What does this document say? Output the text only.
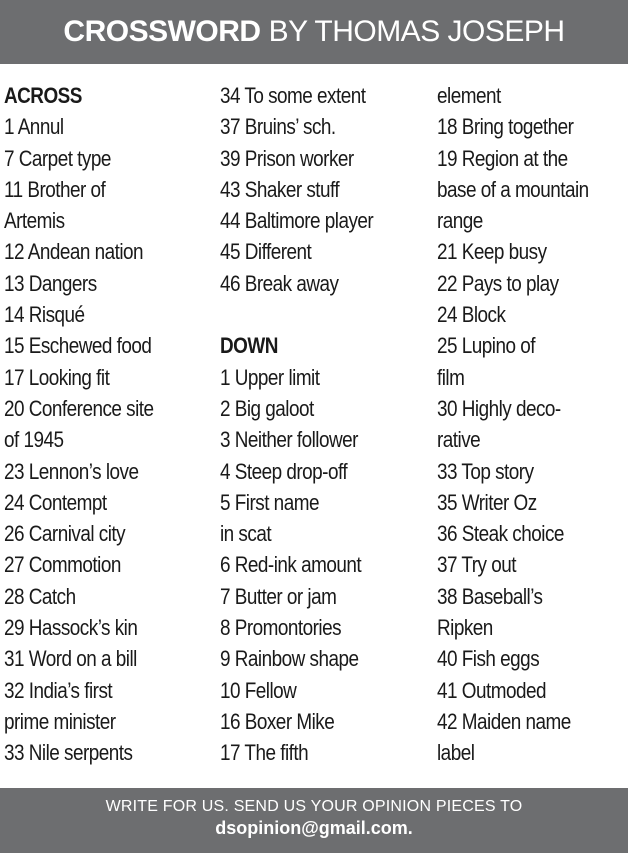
CROSSWORD BY THOMAS JOSEPH
ACROSS
1 Annul
7 Carpet type
11 Brother of
Artemis
12 Andean nation
13 Dangers
14 Risqué
15 Eschewed food
17 Looking fit
20 Conference site
of 1945
23 Lennon’s love
24 Contempt
26 Carnival city
27 Commotion
28 Catch
29 Hassock’s kin
31 Word on a bill
32 India’s first
prime minister
33 Nile serpents
34 To some extent
37 Bruins’ sch.
39 Prison worker
43 Shaker stuff
44 Baltimore player
45 Different
46 Break away
DOWN
1 Upper limit
2 Big galoot
3 Neither follower
4 Steep drop-off
5 First name
in scat
6 Red-ink amount
7 Butter or jam
8 Promontories
9 Rainbow shape
10 Fellow
16 Boxer Mike
17 The fifth
element
18 Bring together
19 Region at the
base of a mountain
range
21 Keep busy
22 Pays to play
24 Block
25 Lupino of
film
30 Highly deco-
rative
33 Top story
35 Writer Oz
36 Steak choice
37 Try out
38 Baseball’s
Ripken
40 Fish eggs
41 Outmoded
42 Maiden name
label
WRITE FOR US. SEND US YOUR OPINION PIECES TO
dsopinion@gmail.com.
